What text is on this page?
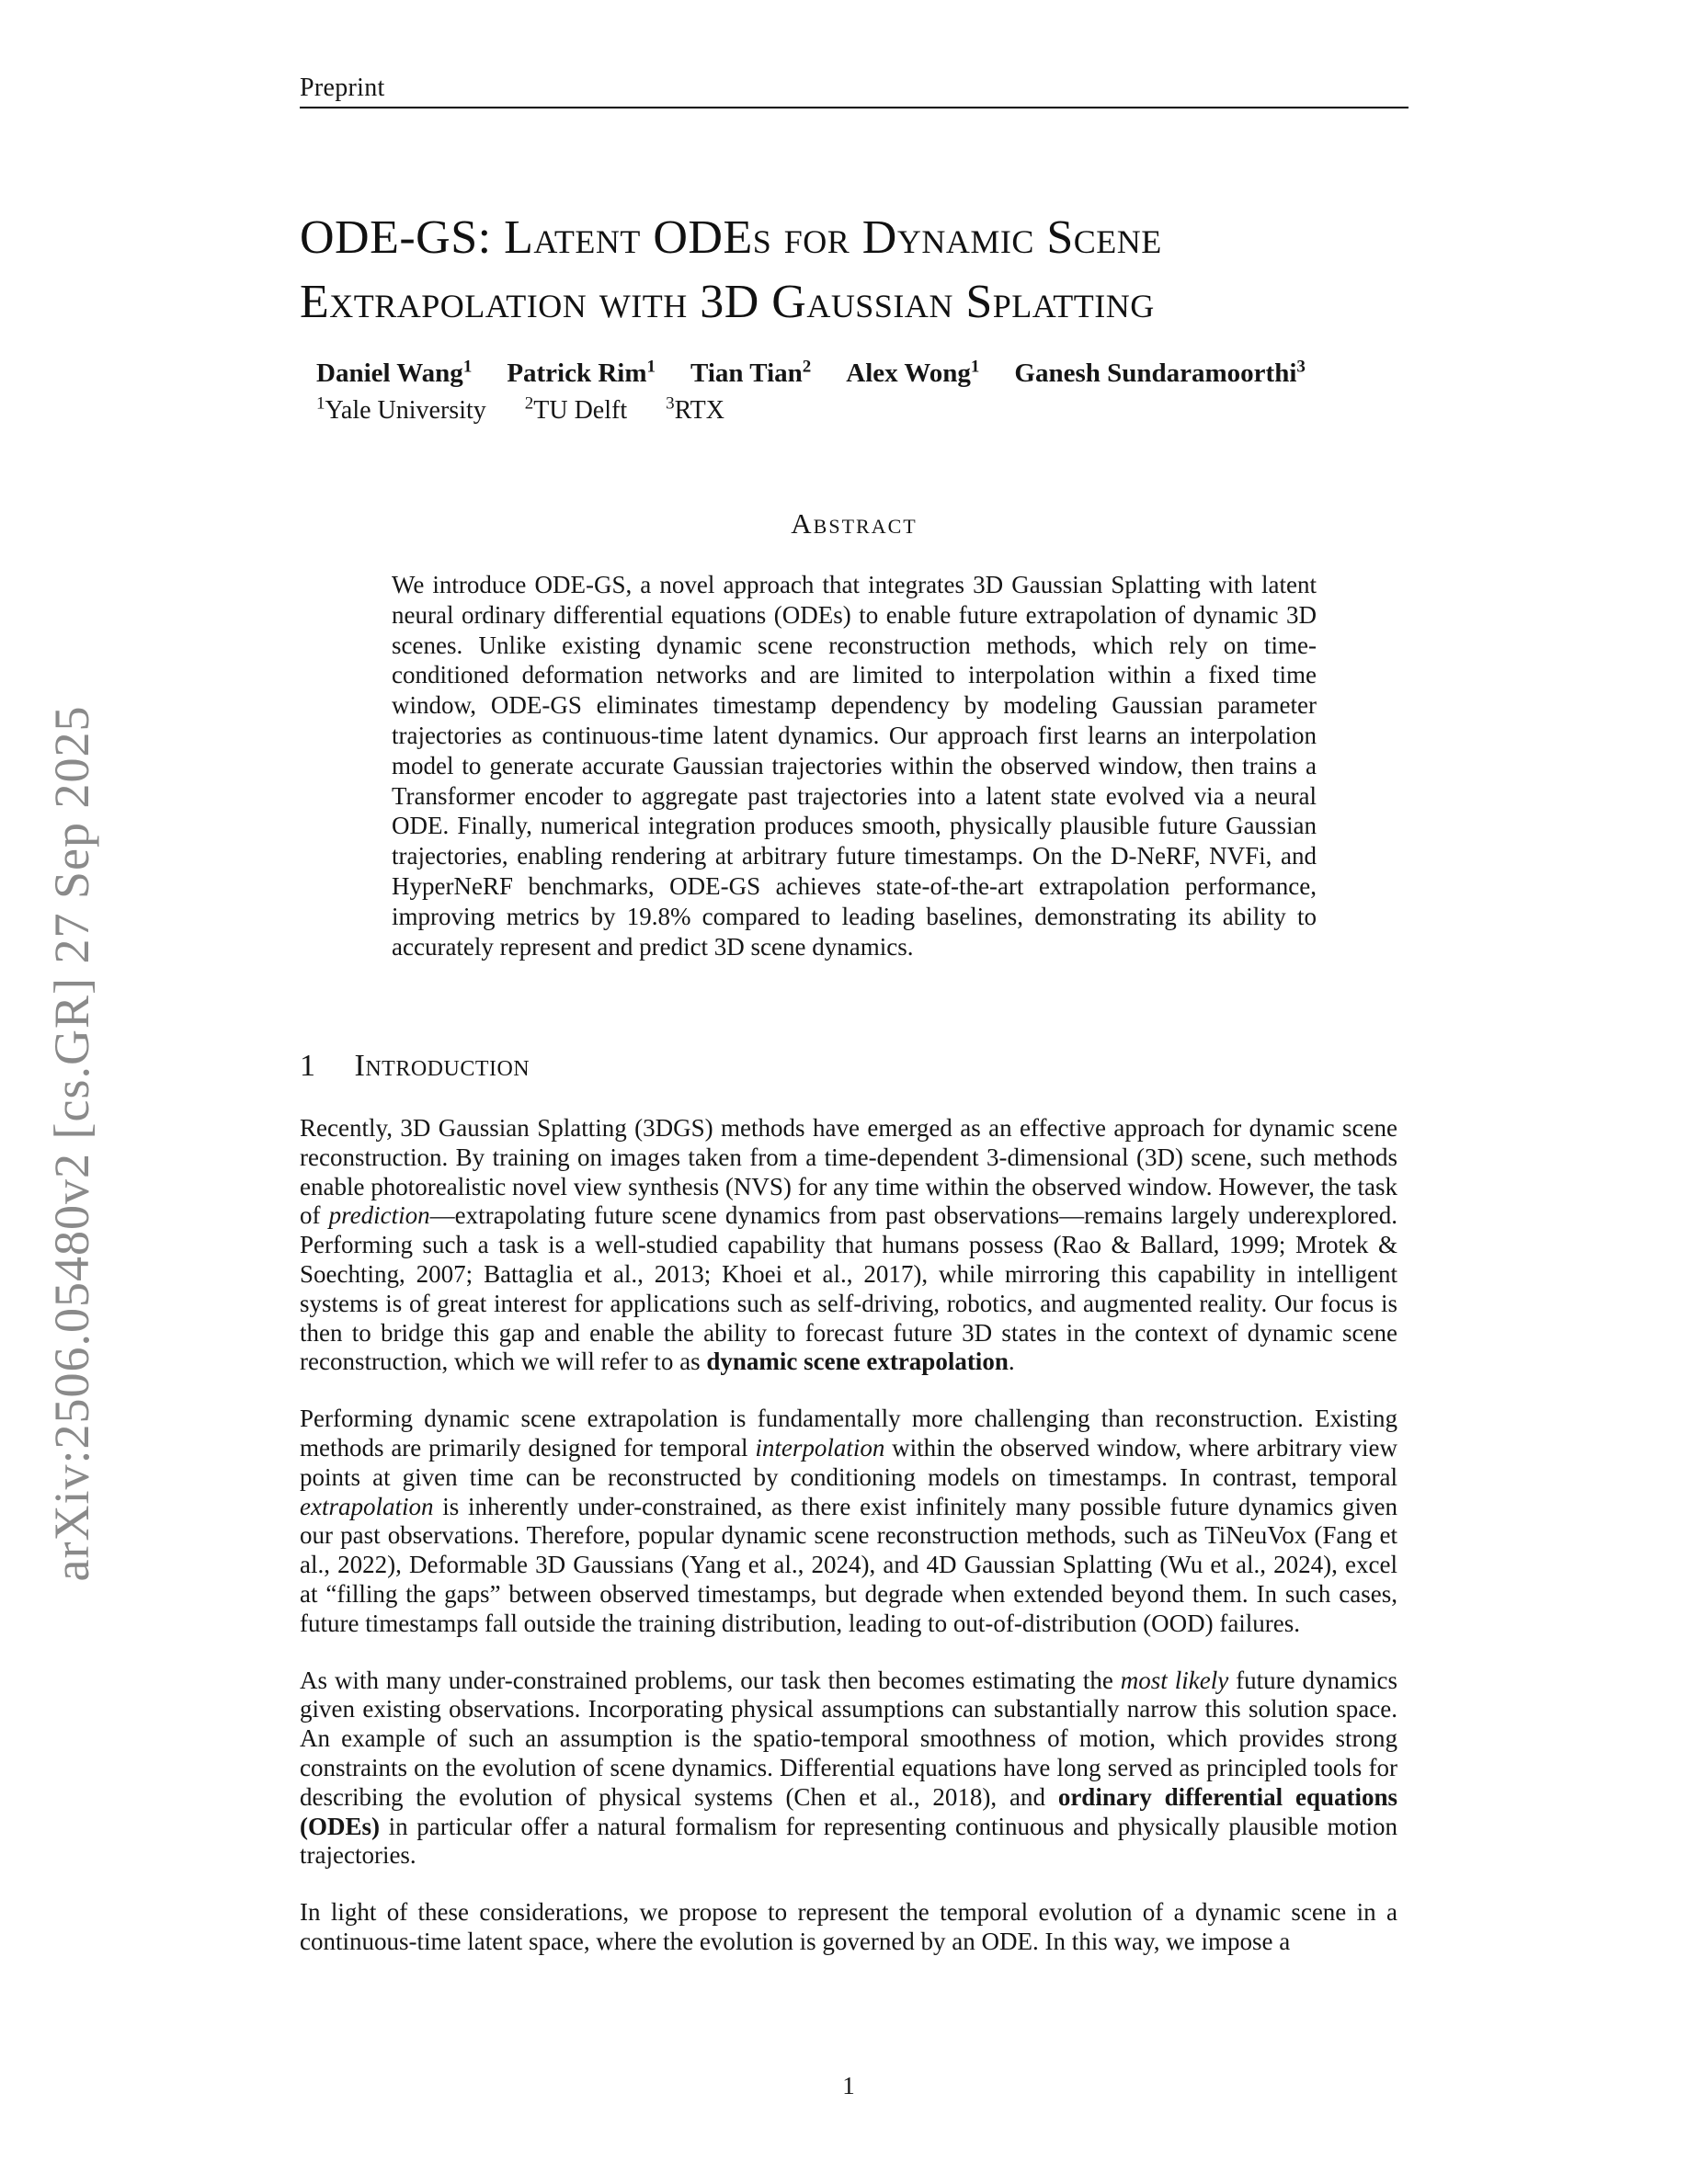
arXiv:2506.05480v2 [cs.GR] 27 Sep 2025
Preprint
ODE-GS: Latent ODEs for Dynamic Scene
Extrapolation with 3D Gaussian Splatting
Daniel Wang$^1$ Patrick Rim$^1$ Tian Tian$^2$ Alex Wong$^1$ Ganesh Sundaramoorthi$^3$
$^1$Yale University $^2$TU Delft $^3$RTX
Abstract

We introduce ODE-GS, a novel approach that integrates 3D Gaussian Splatting with latent neural ordinary differential equations (ODEs) to enable future extrapolation of dynamic 3D scenes. Unlike existing dynamic scene reconstruction methods, which rely on time-conditioned deformation networks and are limited to interpolation within a fixed time window, ODE-GS eliminates timestamp dependency by modeling Gaussian parameter trajectories as continuous-time latent dynamics. Our approach first learns an interpolation model to generate accurate Gaussian trajectories within the observed window, then trains a Transformer encoder to aggregate past trajectories into a latent state evolved via a neural ODE. Finally, numerical integration produces smooth, physically plausible future Gaussian trajectories, enabling rendering at arbitrary future timestamps. On the D-NeRF, NVFi, and HyperNeRF benchmarks, ODE-GS achieves state-of-the-art extrapolation performance, improving metrics by 19.8% compared to leading baselines, demonstrating its ability to accurately represent and predict 3D scene dynamics.

1 Introduction

Recently, 3D Gaussian Splatting (3DGS) methods have emerged as an effective approach for dynamic scene reconstruction. By training on images taken from a time-dependent 3-dimensional (3D) scene, such methods enable photorealistic novel view synthesis (NVS) for any time within the observed window. However, the task of prediction—extrapolating future scene dynamics from past observations—remains largely underexplored. Performing such a task is a well-studied capability that humans possess (Rao & Ballard, 1999; Mrotek & Soechting, 2007; Battaglia et al., 2013; Khoei et al., 2017), while mirroring this capability in intelligent systems is of great interest for applications such as self-driving, robotics, and augmented reality. Our focus is then to bridge this gap and enable the ability to forecast future 3D states in the context of dynamic scene reconstruction, which we will refer to as dynamic scene extrapolation.

Performing dynamic scene extrapolation is fundamentally more challenging than reconstruction. Existing methods are primarily designed for temporal interpolation within the observed window, where arbitrary view points at given time can be reconstructed by conditioning models on timestamps. In contrast, temporal extrapolation is inherently under-constrained, as there exist infinitely many possible future dynamics given our past observations. Therefore, popular dynamic scene reconstruction methods, such as TiNeuVox (Fang et al., 2022), Deformable 3D Gaussians (Yang et al., 2024), and 4D Gaussian Splatting (Wu et al., 2024), excel at “filling the gaps” between observed timestamps, but degrade when extended beyond them. In such cases, future timestamps fall outside the training distribution, leading to out-of-distribution (OOD) failures.

As with many under-constrained problems, our task then becomes estimating the most likely future dynamics given existing observations. Incorporating physical assumptions can substantially narrow this solution space. An example of such an assumption is the spatio-temporal smoothness of motion, which provides strong constraints on the evolution of scene dynamics. Differential equations have long served as principled tools for describing the evolution of physical systems (Chen et al., 2018), and ordinary differential equations (ODEs) in particular offer a natural formalism for representing continuous and physically plausible motion trajectories.

In light of these considerations, we propose to represent the temporal evolution of a dynamic scene in a continuous-time latent space, where the evolution is governed by an ODE. In this way, we impose a

1
